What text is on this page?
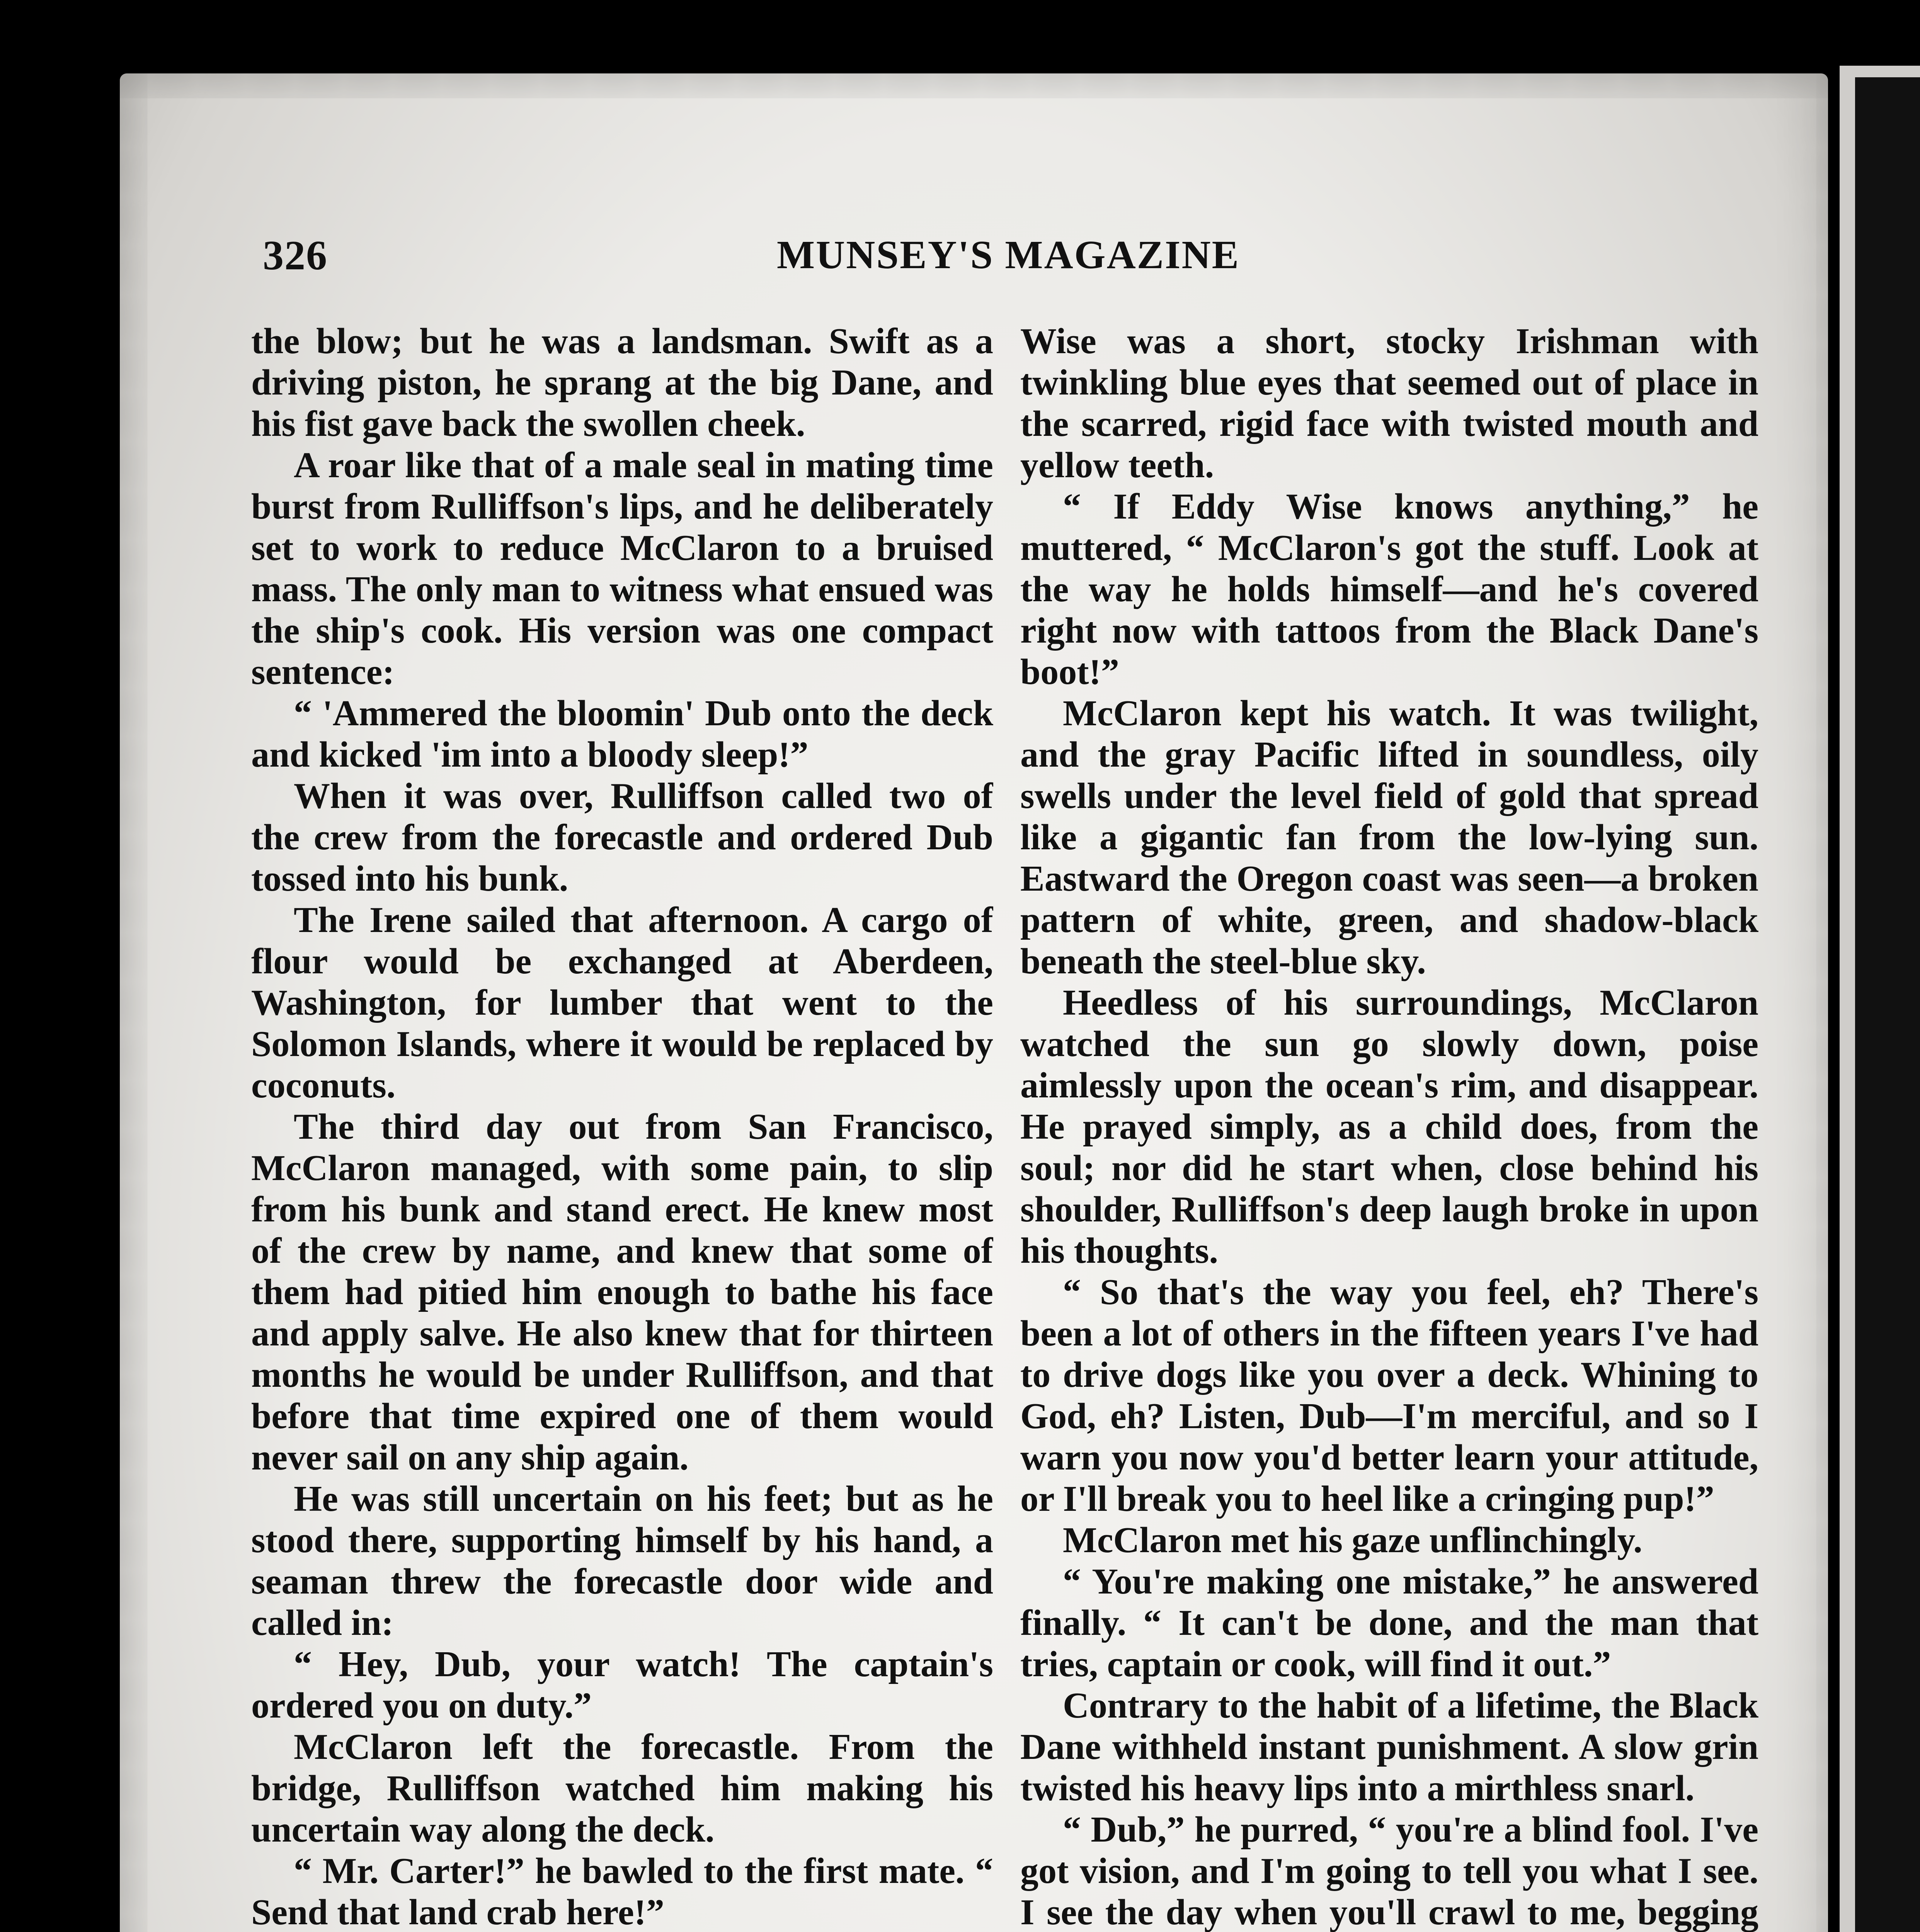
326	MUNSEY'S MAGAZINE

the blow; but he was a landsman. Swift as a driving piston, he sprang at the big Dane, and his fist gave back the swollen cheek.

A roar like that of a male seal in mating time burst from Rulliffson's lips, and he deliberately set to work to reduce McClaron to a bruised mass. The only man to witness what ensued was the ship's cook. His version was one compact sentence:

“ 'Ammered the bloomin' Dub onto the deck and kicked 'im into a bloody sleep!”

When it was over, Rulliffson called two of the crew from the forecastle and ordered Dub tossed into his bunk.

The Irene sailed that afternoon. A cargo of flour would be exchanged at Aberdeen, Washington, for lumber that went to the Solomon Islands, where it would be replaced by coconuts.

The third day out from San Francisco, McClaron managed, with some pain, to slip from his bunk and stand erect. He knew most of the crew by name, and knew that some of them had pitied him enough to bathe his face and apply salve. He also knew that for thirteen months he would be under Rulliffson, and that before that time expired one of them would never sail on any ship again.

He was still uncertain on his feet; but as he stood there, supporting himself by his hand, a seaman threw the forecastle door wide and called in:

“ Hey, Dub, your watch! The captain's ordered you on duty.”

McClaron left the forecastle. From the bridge, Rulliffson watched him making his uncertain way along the deck.

“ Mr. Carter!” he bawled to the first mate. “ Send that land crab here!”

Wise was a short, stocky Irishman with twinkling blue eyes that seemed out of place in the scarred, rigid face with twisted mouth and yellow teeth.

“ If Eddy Wise knows anything,” he muttered, “ McClaron's got the stuff. Look at the way he holds himself—and he's covered right now with tattoos from the Black Dane's boot!”

McClaron kept his watch. It was twilight, and the gray Pacific lifted in soundless, oily swells under the level field of gold that spread like a gigantic fan from the low-lying sun. Eastward the Oregon coast was seen—a broken pattern of white, green, and shadow-black beneath the steel-blue sky.

Heedless of his surroundings, McClaron watched the sun go slowly down, poise aimlessly upon the ocean's rim, and disappear. He prayed simply, as a child does, from the soul; nor did he start when, close behind his shoulder, Rulliffson's deep laugh broke in upon his thoughts.

“ So that's the way you feel, eh? There's been a lot of others in the fifteen years I've had to drive dogs like you over a deck. Whining to God, eh? Listen, Dub—I'm merciful, and so I warn you now you'd better learn your attitude, or I'll break you to heel like a cringing pup!”

McClaron met his gaze unflinchingly.

“ You're making one mistake,” he answered finally. “ It can't be done, and the man that tries, captain or cook, will find it out.”

Contrary to the habit of a lifetime, the Black Dane withheld instant punishment. A slow grin twisted his heavy lips into a mirthless snarl.

“ Dub,” he purred, “ you're a blind fool. I've got vision, and I'm going to tell you what I see. I see the day when you'll crawl to me, begging
